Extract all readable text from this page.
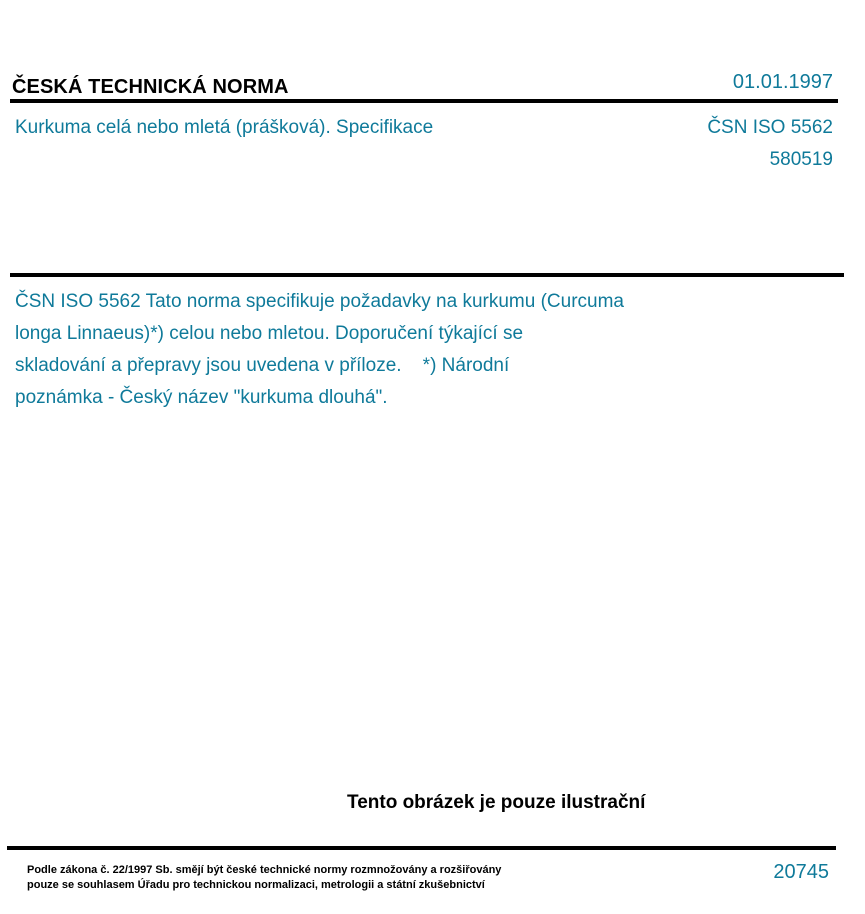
ČESKÁ TECHNICKÁ NORMA	01.01.1997
Kurkuma celá nebo mletá (prášková). Specifikace	ČSN ISO 5562
580519
ČSN ISO 5562 Tato norma specifikuje požadavky na kurkumu (Curcuma
longa Linnaeus)*) celou nebo mletou. Doporučení týkající se
skladování a přepravy jsou uvedena v příloze.    *) Národní
poznámka - Český název "kurkuma dlouhá".
Tento obrázek je pouze ilustrační
Podle zákona č. 22/1997 Sb. smějí být české technické normy rozmnožovány a rozšiřovány
pouze se souhlasem Úřadu pro technickou normalizaci, metrologii a státní zkušebnictví
20745
